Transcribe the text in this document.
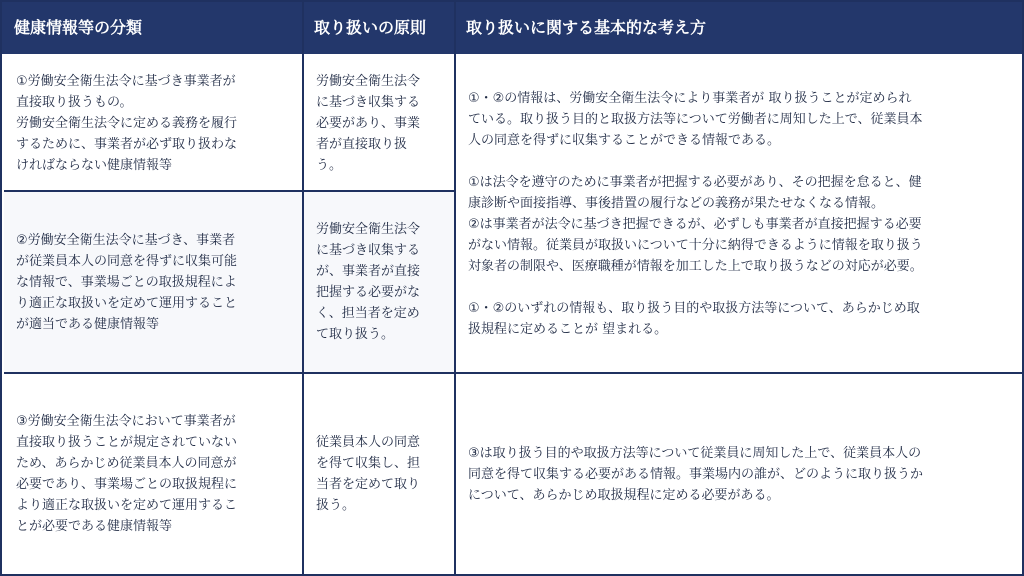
健康情報等の分類	取り扱いの原則	取り扱いに関する基本的な考え方
①労働安全衛生法令に基づき事業者が
直接取り扱うもの。
労働安全衛生法令に定める義務を履行
するために、事業者が必ず取り扱わな
ければならない健康情報等
労働安全衛生法令
に基づき収集する
必要があり、事業
者が直接取り扱
う。
②労働安全衛生法令に基づき、事業者
が従業員本人の同意を得ずに収集可能
な情報で、事業場ごとの取扱規程によ
り適正な取扱いを定めて運用すること
が適当である健康情報等
労働安全衛生法令
に基づき収集する
が、事業者が直接
把握する必要がな
く、担当者を定め
て取り扱う。
①・②の情報は、労働安全衛生法令により事業者が 取り扱うことが定められ
ている。取り扱う目的と取扱方法等について労働者に周知した上で、従業員本
人の同意を得ずに収集することができる情報である。
①は法令を遵守のために事業者が把握する必要があり、その把握を怠ると、健
康診断や面接指導、事後措置の履行などの義務が果たせなくなる情報。
②は事業者が法令に基づき把握できるが、必ずしも事業者が直接把握する必要
がない情報。従業員が取扱いについて十分に納得できるように情報を取り扱う
対象者の制限や、医療職種が情報を加工した上で取り扱うなどの対応が必要。
①・②のいずれの情報も、取り扱う目的や取扱方法等について、あらかじめ取
扱規程に定めることが 望まれる。
③労働安全衛生法令において事業者が
直接取り扱うことが規定されていない
ため、あらかじめ従業員本人の同意が
必要であり、事業場ごとの取扱規程に
より適正な取扱いを定めて運用するこ
とが必要である健康情報等
従業員本人の同意
を得て収集し、担
当者を定めて取り
扱う。
③は取り扱う目的や取扱方法等について従業員に周知した上で、従業員本人の
同意を得て収集する必要がある情報。事業場内の誰が、どのように取り扱うか
について、あらかじめ取扱規程に定める必要がある。
